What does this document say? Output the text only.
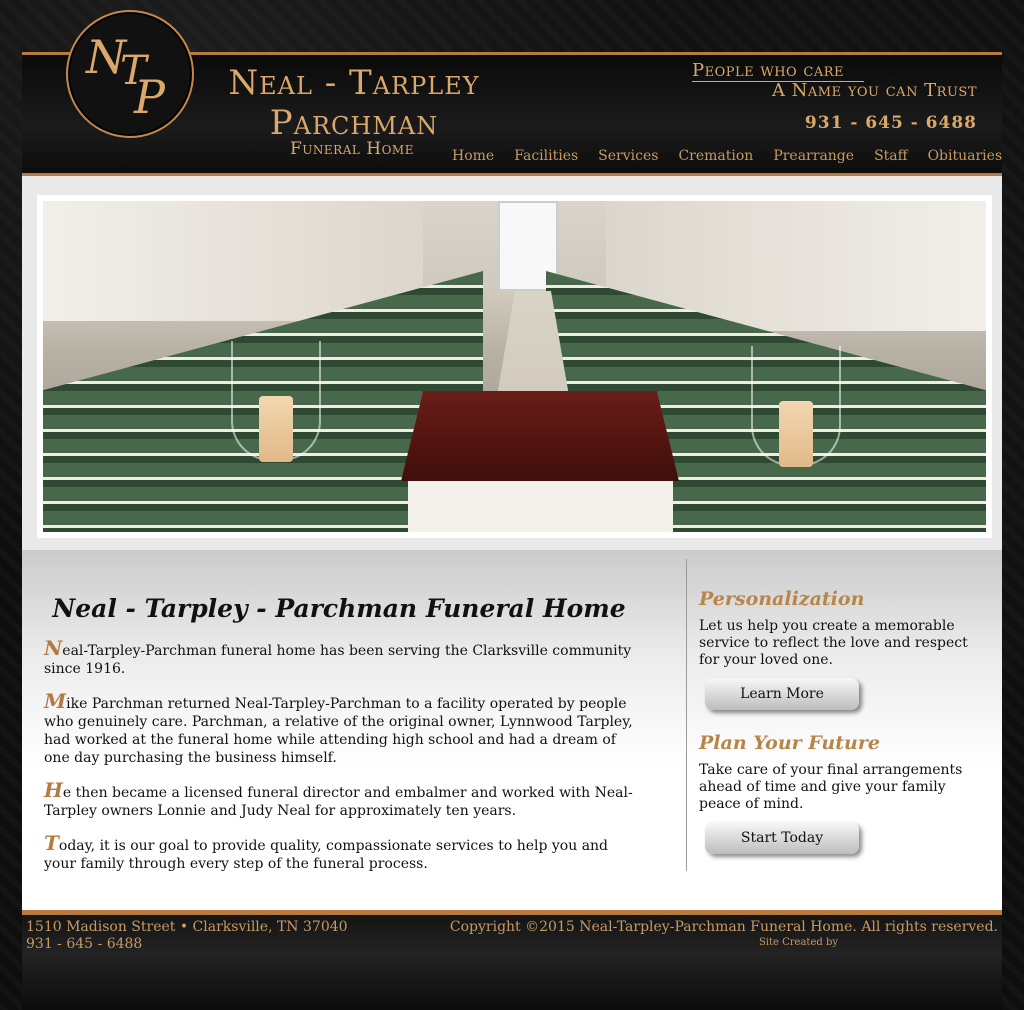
N
T
P	Neal - Tarpley
Parchman
Funeral Home
People who care
A Name you can Trust
931 - 645 - 6488
Home Facilities Services Cremation Prearrange Staff Obituaries
Neal - Tarpley - Parchman Funeral Home

Neal-Tarpley-Parchman funeral home has been serving the Clarksville community since 1916.

Mike Parchman returned Neal-Tarpley-Parchman to a facility operated by people who genuinely care. Parchman, a relative of the original owner, Lynnwood Tarpley, had worked at the funeral home while attending high school and had a dream of one day purchasing the business himself.

He then became a licensed funeral director and embalmer and worked with Neal-Tarpley owners Lonnie and Judy Neal for approximately ten years.

Today, it is our goal to provide quality, compassionate services to help you and your family through every step of the funeral process.

Personalization

Let us help you create a memorable service to reflect the love and respect for your loved one.

Learn More
Plan Your Future

Take care of your final arrangements ahead of time and give your family peace of mind.

Start Today
1510 Madison Street • Clarksville, TN 37040
931 - 645 - 6488
Copyright ©2015 Neal-Tarpley-Parchman Funeral Home. All rights reserved.
Site Created by
